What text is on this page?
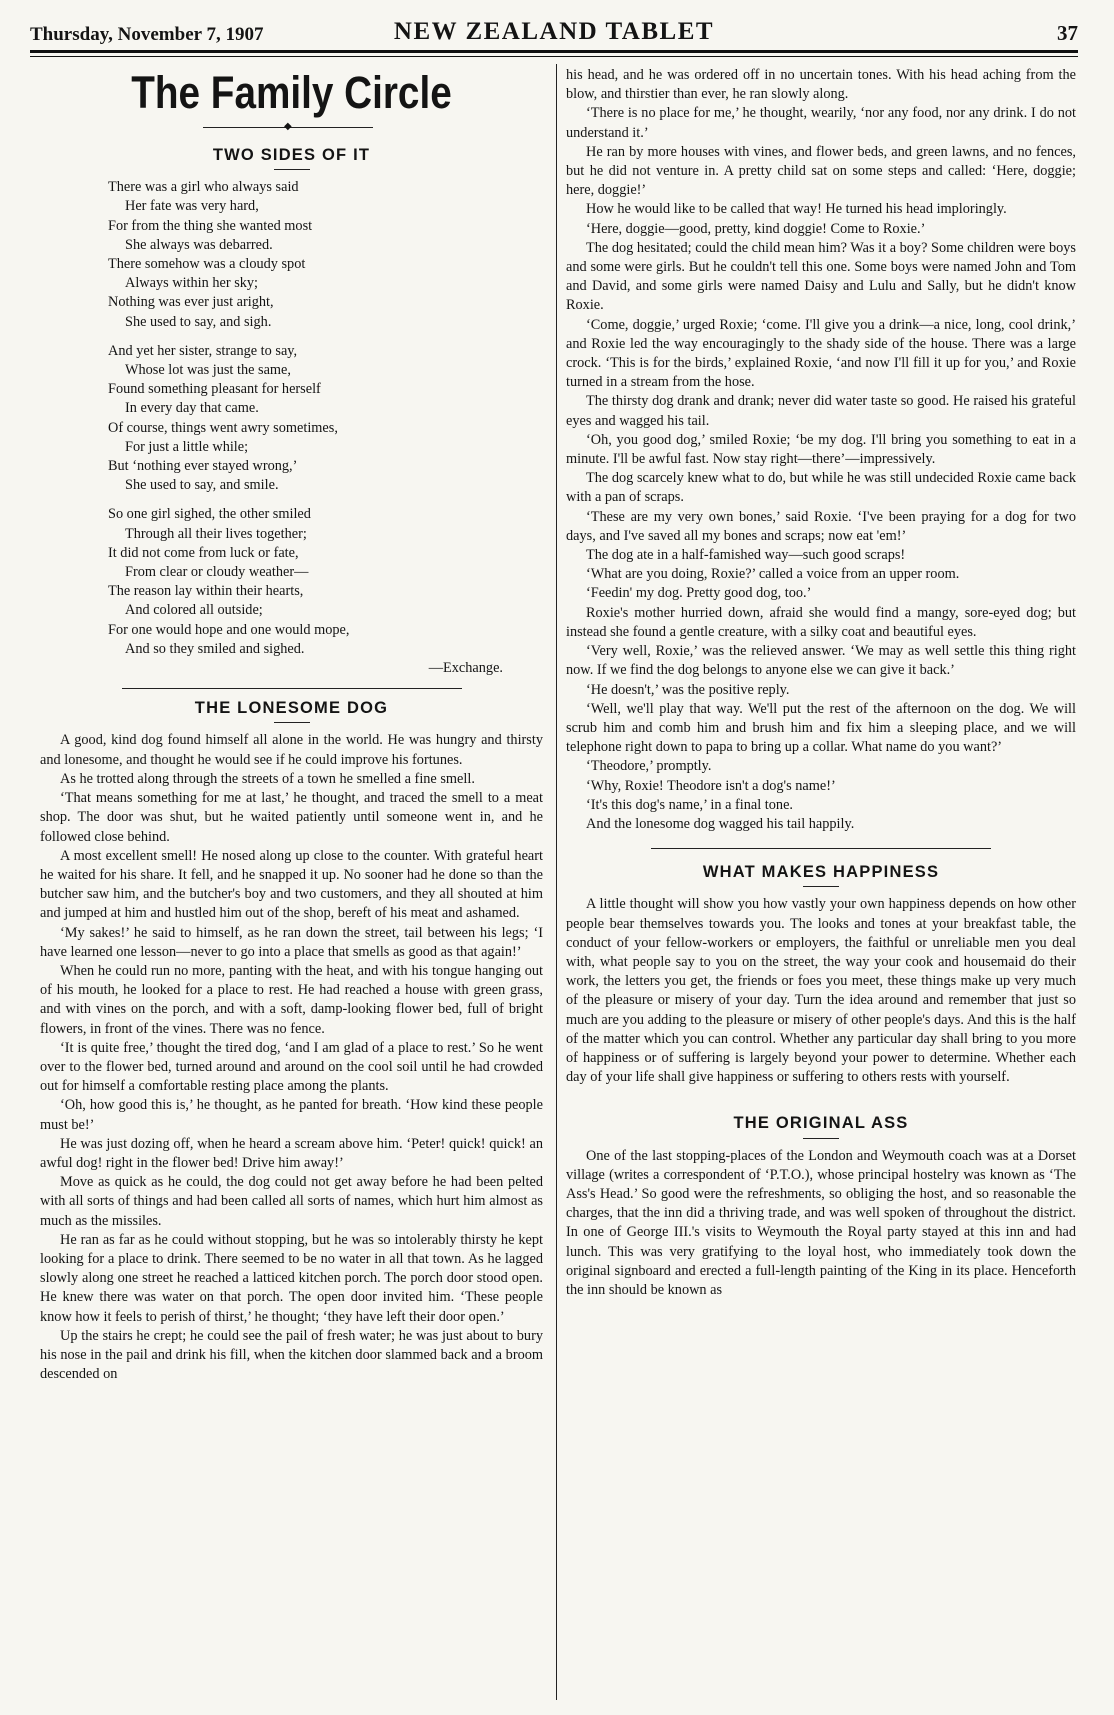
Thursday, November 7, 1907	NEW ZEALAND TABLET	37
The Family Circle
◆
TWO SIDES OF IT

There was a girl who always said

Her fate was very hard,

For from the thing she wanted most

She always was debarred.

There somehow was a cloudy spot

Always within her sky;

Nothing was ever just aright,

She used to say, and sigh.

And yet her sister, strange to say,

Whose lot was just the same,

Found something pleasant for herself

In every day that came.

Of course, things went awry sometimes,

For just a little while;

But ‘nothing ever stayed wrong,’

She used to say, and smile.

So one girl sighed, the other smiled

Through all their lives together;

It did not come from luck or fate,

From clear or cloudy weather—

The reason lay within their hearts,

And colored all outside;

For one would hope and one would mope,

And so they smiled and sighed.

—Exchange.
THE LONESOME DOG

A good, kind dog found himself all alone in the world. He was hungry and thirsty and lonesome, and thought he would see if he could improve his fortunes.

As he trotted along through the streets of a town he smelled a fine smell.

‘That means something for me at last,’ he thought, and traced the smell to a meat shop. The door was shut, but he waited patiently until someone went in, and he followed close behind.

A most excellent smell! He nosed along up close to the counter. With grateful heart he waited for his share. It fell, and he snapped it up. No sooner had he done so than the butcher saw him, and the butcher's boy and two customers, and they all shouted at him and jumped at him and hustled him out of the shop, bereft of his meat and ashamed.

‘My sakes!’ he said to himself, as he ran down the street, tail between his legs; ‘I have learned one lesson—never to go into a place that smells as good as that again!’

When he could run no more, panting with the heat, and with his tongue hanging out of his mouth, he looked for a place to rest. He had reached a house with green grass, and with vines on the porch, and with a soft, damp-looking flower bed, full of bright flowers, in front of the vines. There was no fence.

‘It is quite free,’ thought the tired dog, ‘and I am glad of a place to rest.’ So he went over to the flower bed, turned around and around on the cool soil until he had crowded out for himself a comfortable resting place among the plants.

‘Oh, how good this is,’ he thought, as he panted for breath. ‘How kind these people must be!’

He was just dozing off, when he heard a scream above him. ‘Peter! quick! quick! an awful dog! right in the flower bed! Drive him away!’

Move as quick as he could, the dog could not get away before he had been pelted with all sorts of things and had been called all sorts of names, which hurt him almost as much as the missiles.

He ran as far as he could without stopping, but he was so intolerably thirsty he kept looking for a place to drink. There seemed to be no water in all that town. As he lagged slowly along one street he reached a latticed kitchen porch. The porch door stood open. He knew there was water on that porch. The open door invited him. ‘These people know how it feels to perish of thirst,’ he thought; ‘they have left their door open.’

Up the stairs he crept; he could see the pail of fresh water; he was just about to bury his nose in the pail and drink his fill, when the kitchen door slammed back and a broom descended on

his head, and he was ordered off in no uncertain tones. With his head aching from the blow, and thirstier than ever, he ran slowly along.

‘There is no place for me,’ he thought, wearily, ‘nor any food, nor any drink. I do not understand it.’

He ran by more houses with vines, and flower beds, and green lawns, and no fences, but he did not venture in. A pretty child sat on some steps and called: ‘Here, doggie; here, doggie!’

How he would like to be called that way! He turned his head imploringly.

‘Here, doggie—good, pretty, kind doggie! Come to Roxie.’

The dog hesitated; could the child mean him? Was it a boy? Some children were boys and some were girls. But he couldn't tell this one. Some boys were named John and Tom and David, and some girls were named Daisy and Lulu and Sally, but he didn't know Roxie.

‘Come, doggie,’ urged Roxie; ‘come. I'll give you a drink—a nice, long, cool drink,’ and Roxie led the way encouragingly to the shady side of the house. There was a large crock. ‘This is for the birds,’ explained Roxie, ‘and now I'll fill it up for you,’ and Roxie turned in a stream from the hose.

The thirsty dog drank and drank; never did water taste so good. He raised his grateful eyes and wagged his tail.

‘Oh, you good dog,’ smiled Roxie; ‘be my dog. I'll bring you something to eat in a minute. I'll be awful fast. Now stay right—there’—impressively.

The dog scarcely knew what to do, but while he was still undecided Roxie came back with a pan of scraps.

‘These are my very own bones,’ said Roxie. ‘I've been praying for a dog for two days, and I've saved all my bones and scraps; now eat 'em!’

The dog ate in a half-famished way—such good scraps!

‘What are you doing, Roxie?’ called a voice from an upper room.

‘Feedin' my dog. Pretty good dog, too.’

Roxie's mother hurried down, afraid she would find a mangy, sore-eyed dog; but instead she found a gentle creature, with a silky coat and beautiful eyes.

‘Very well, Roxie,’ was the relieved answer. ‘We may as well settle this thing right now. If we find the dog belongs to anyone else we can give it back.’

‘He doesn't,’ was the positive reply.

‘Well, we'll play that way. We'll put the rest of the afternoon on the dog. We will scrub him and comb him and brush him and fix him a sleeping place, and we will telephone right down to papa to bring up a collar. What name do you want?’

‘Theodore,’ promptly.

‘Why, Roxie! Theodore isn't a dog's name!’

‘It's this dog's name,’ in a final tone.

And the lonesome dog wagged his tail happily.

WHAT MAKES HAPPINESS

A little thought will show you how vastly your own happiness depends on how other people bear themselves towards you. The looks and tones at your breakfast table, the conduct of your fellow-workers or employers, the faithful or unreliable men you deal with, what people say to you on the street, the way your cook and housemaid do their work, the letters you get, the friends or foes you meet, these things make up very much of the pleasure or misery of your day. Turn the idea around and remember that just so much are you adding to the pleasure or misery of other people's days. And this is the half of the matter which you can control. Whether any particular day shall bring to you more of happiness or of suffering is largely beyond your power to determine. Whether each day of your life shall give happiness or suffering to others rests with yourself.

THE ORIGINAL ASS

One of the last stopping-places of the London and Weymouth coach was at a Dorset village (writes a correspondent of ‘P.T.O.), whose principal hostelry was known as ‘The Ass's Head.’ So good were the refreshments, so obliging the host, and so reasonable the charges, that the inn did a thriving trade, and was well spoken of throughout the district. In one of George III.'s visits to Weymouth the Royal party stayed at this inn and had lunch. This was very gratifying to the loyal host, who immediately took down the original signboard and erected a full-length painting of the King in its place. Henceforth the inn should be known as
